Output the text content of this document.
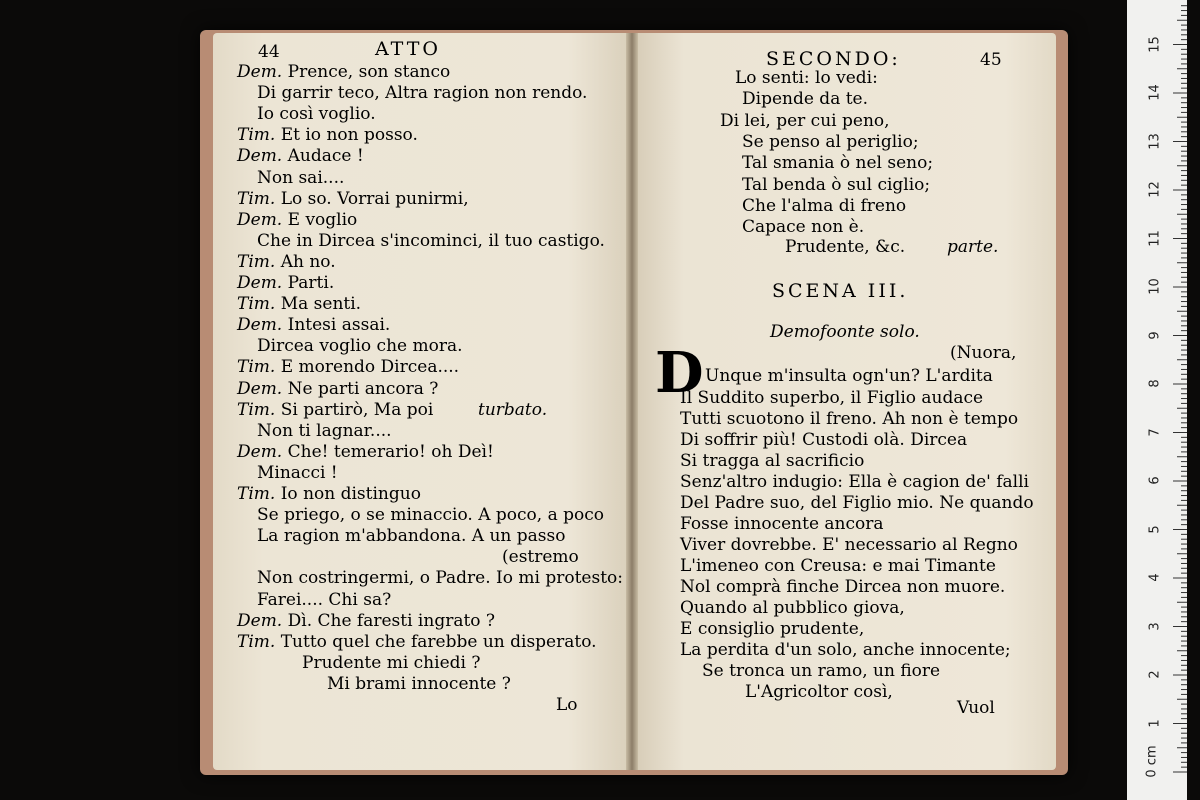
44	ATTO
Dem. Prence, son stanco
Di garrir teco, Altra ragion non rendo.
Io così voglio.
Tim. Et io non posso.
Dem. Audace !
Non sai....
Tim. Lo so. Vorrai punirmi,
Dem. E voglio
Che in Dircea s'incominci, il tuo castigo.
Tim. Ah no.
Dem. Parti.
Tim. Ma senti.
Dem. Intesi assai.
Dircea voglio che mora.
Tim. E morendo Dircea....
Dem. Ne parti ancora ?
Tim. Si partirò, Ma poi	turbato.
Non ti lagnar....
Dem. Che! temerario! oh Deì!
Minacci !
Tim. Io non distinguo
Se priego, o se minaccio. A poco, a poco
La ragion m'abbandona. A un passo
(estremo
Non costringermi, o Padre. Io mi protesto:
Farei.... Chi sa?
Dem. Dì. Che faresti ingrato ?
Tim. Tutto quel che farebbe un disperato.
Prudente mi chiedi ?
Mi brami innocente ?
Lo
SECONDO:	45
Lo senti: lo vedi:
Dipende da te.
Di lei, per cui peno,
Se penso al periglio;
Tal smania ò nel seno;
Tal benda ò sul ciglio;
Che l'alma di freno
Capace non è.
Prudente, &c. parte.
SCENA III.
Demofoonte solo.
D	(Nuora,
Unque m'insulta ogn'un? L'ardita
Il Suddito superbo, il Figlio audace
Tutti scuotono il freno. Ah non è tempo
Di soffrir più! Custodi olà. Dircea
Si tragga al sacrificio
Senz'altro indugio: Ella è cagion de' falli
Del Padre suo, del Figlio mio. Ne quando
Fosse innocente ancora
Viver dovrebbe. E' necessario al Regno
L'imeneo con Creusa: e mai Timante
Nol comprà finche Dircea non muore.
Quando al pubblico giova,
E consiglio prudente,
La perdita d'un solo, anche innocente;
Se tronca un ramo, un fiore
L'Agricoltor così,
Vuol
0 cm
1
2
3
4
5
6
7
8
9
10
11
12
13
14
15
